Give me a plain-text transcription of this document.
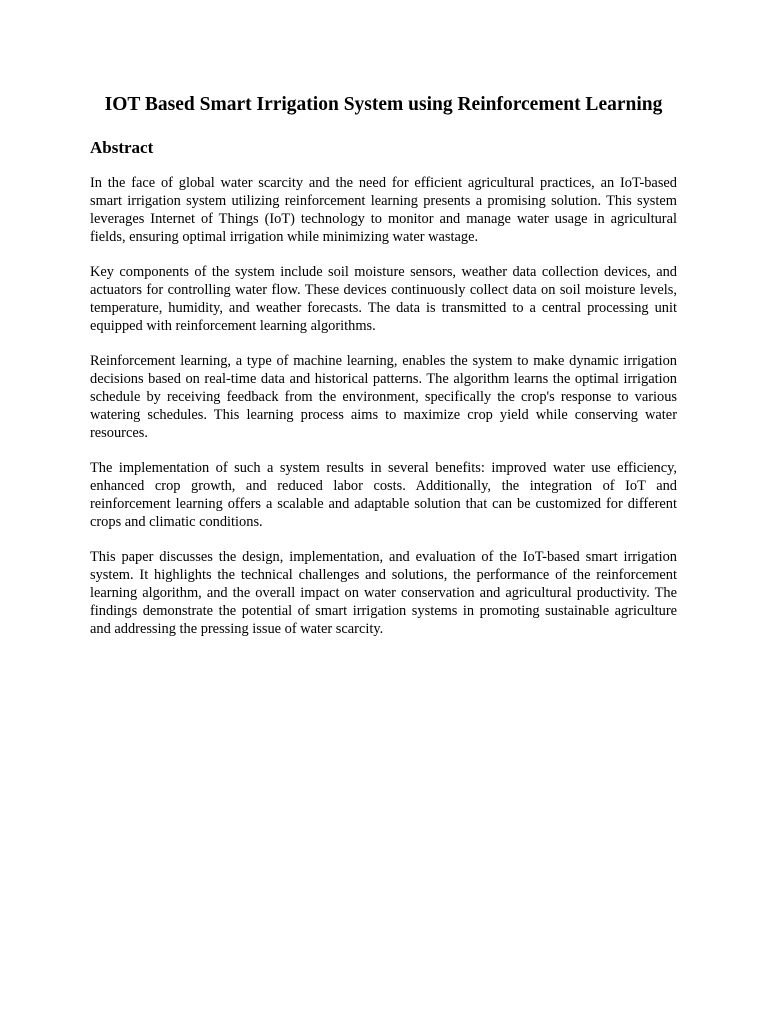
IOT Based Smart Irrigation System using Reinforcement Learning
Abstract

In the face of global water scarcity and the need for efficient agricultural practices, an IoT-based smart irrigation system utilizing reinforcement learning presents a promising solution. This system leverages Internet of Things (IoT) technology to monitor and manage water usage in agricultural fields, ensuring optimal irrigation while minimizing water wastage.

Key components of the system include soil moisture sensors, weather data collection devices, and actuators for controlling water flow. These devices continuously collect data on soil moisture levels, temperature, humidity, and weather forecasts. The data is transmitted to a central processing unit equipped with reinforcement learning algorithms.

Reinforcement learning, a type of machine learning, enables the system to make dynamic irrigation decisions based on real-time data and historical patterns. The algorithm learns the optimal irrigation schedule by receiving feedback from the environment, specifically the crop's response to various watering schedules. This learning process aims to maximize crop yield while conserving water resources.

The implementation of such a system results in several benefits: improved water use efficiency, enhanced crop growth, and reduced labor costs. Additionally, the integration of IoT and reinforcement learning offers a scalable and adaptable solution that can be customized for different crops and climatic conditions.

This paper discusses the design, implementation, and evaluation of the IoT-based smart irrigation system. It highlights the technical challenges and solutions, the performance of the reinforcement learning algorithm, and the overall impact on water conservation and agricultural productivity. The findings demonstrate the potential of smart irrigation systems in promoting sustainable agriculture and addressing the pressing issue of water scarcity.
